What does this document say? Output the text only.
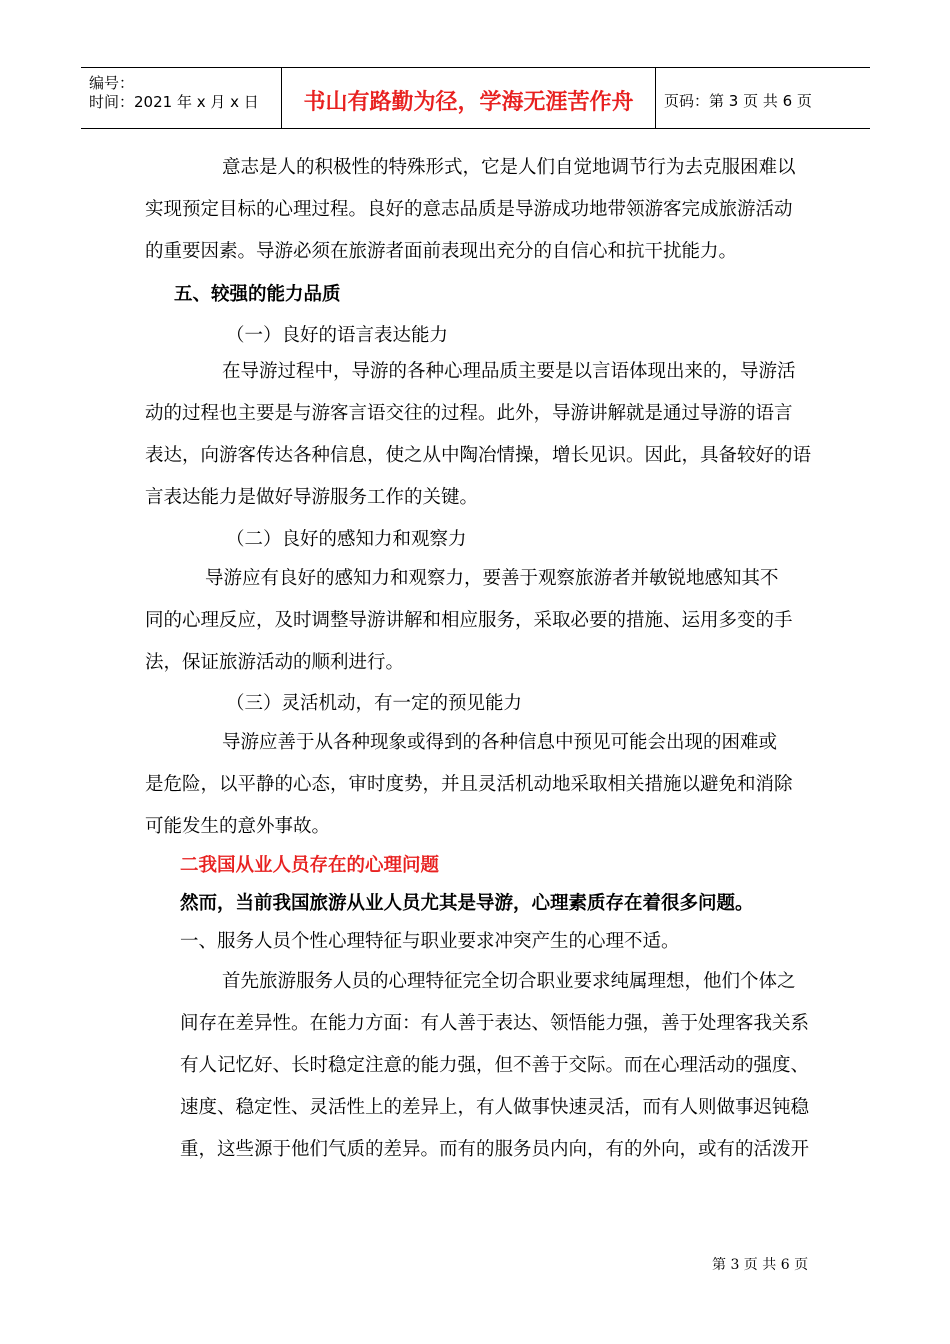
编号：
时间：2021 年 x 月 x 日	书山有路勤为径，学海无涯苦作舟	页码：第 3 页 共 6 页
意志是人的积极性的特殊形式，它是人们自觉地调节行为去克服困难以
实现预定目标的心理过程。良好的意志品质是导游成功地带领游客完成旅游活动
的重要因素。导游必须在旅游者面前表现出充分的自信心和抗干扰能力。
五、较强的能力品质
（一）良好的语言表达能力
在导游过程中，导游的各种心理品质主要是以言语体现出来的，导游活
动的过程也主要是与游客言语交往的过程。此外，导游讲解就是通过导游的语言
表达，向游客传达各种信息，使之从中陶冶情操，增长见识。因此，具备较好的语
言表达能力是做好导游服务工作的关键。
（二）良好的感知力和观察力
导游应有良好的感知力和观察力，要善于观察旅游者并敏锐地感知其不
同的心理反应，及时调整导游讲解和相应服务，采取必要的措施、运用多变的手
法，保证旅游活动的顺利进行。
（三）灵活机动，有一定的预见能力
导游应善于从各种现象或得到的各种信息中预见可能会出现的困难或
是危险，以平静的心态，审时度势，并且灵活机动地采取相关措施以避免和消除
可能发生的意外事故。
二我国从业人员存在的心理问题
然而，当前我国旅游从业人员尤其是导游，心理素质存在着很多问题。
一、服务人员个性心理特征与职业要求冲突产生的心理不适。
首先旅游服务人员的心理特征完全切合职业要求纯属理想，他们个体之
间存在差异性。在能力方面：有人善于表达、领悟能力强，善于处理客我关系
有人记忆好、长时稳定注意的能力强，但不善于交际。而在心理活动的强度、
速度、稳定性、灵活性上的差异上，有人做事快速灵活，而有人则做事迟钝稳
重，这些源于他们气质的差异。而有的服务员内向，有的外向，或有的活泼开
第 3 页 共 6 页
